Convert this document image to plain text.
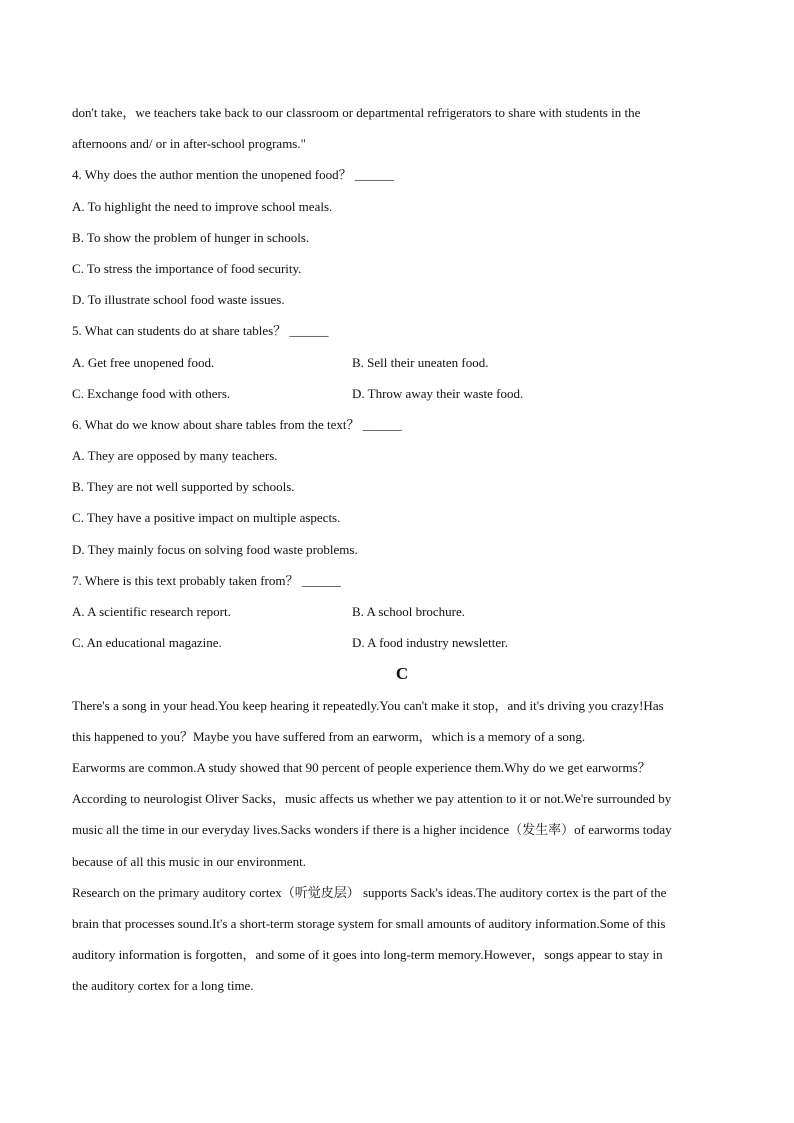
don't take，we teachers take back to our classroom or departmental refrigerators to share with students in the
afternoons and/ or in after-school programs."
4. Why does the author mention the unopened food？ ______
A. To highlight the need to improve school meals.
B. To show the problem of hunger in schools.
C. To stress the importance of food security.
D. To illustrate school food waste issues.
5. What can students do at share tables？ ______
A. Get free unopened food.	B. Sell their uneaten food.
C. Exchange food with others.	D. Throw away their waste food.
6. What do we know about share tables from the text？ ______
A. They are opposed by many teachers.
B. They are not well supported by schools.
C. They have a positive impact on multiple aspects.
D. They mainly focus on solving food waste problems.
7. Where is this text probably taken from？ ______
A. A scientific research report.	B. A school brochure.
C. An educational magazine.	D. A food industry newsletter.
C
There's a song in your head.You keep hearing it repeatedly.You can't make it stop，and it's driving you crazy!Has
this happened to you？Maybe you have suffered from an earworm，which is a memory of a song.
Earworms are common.A study showed that 90 percent of people experience them.Why do we get earworms？
According to neurologist Oliver Sacks，music affects us whether we pay attention to it or not.We're surrounded by
music all the time in our everyday lives.Sacks wonders if there is a higher incidence（发生率）of earworms today
because of all this music in our environment.
Research on the primary auditory cortex（听觉皮层） supports Sack's ideas.The auditory cortex is the part of the
brain that processes sound.It's a short-term storage system for small amounts of auditory information.Some of this
auditory information is forgotten，and some of it goes into long-term memory.However，songs appear to stay in
the auditory cortex for a long time.
